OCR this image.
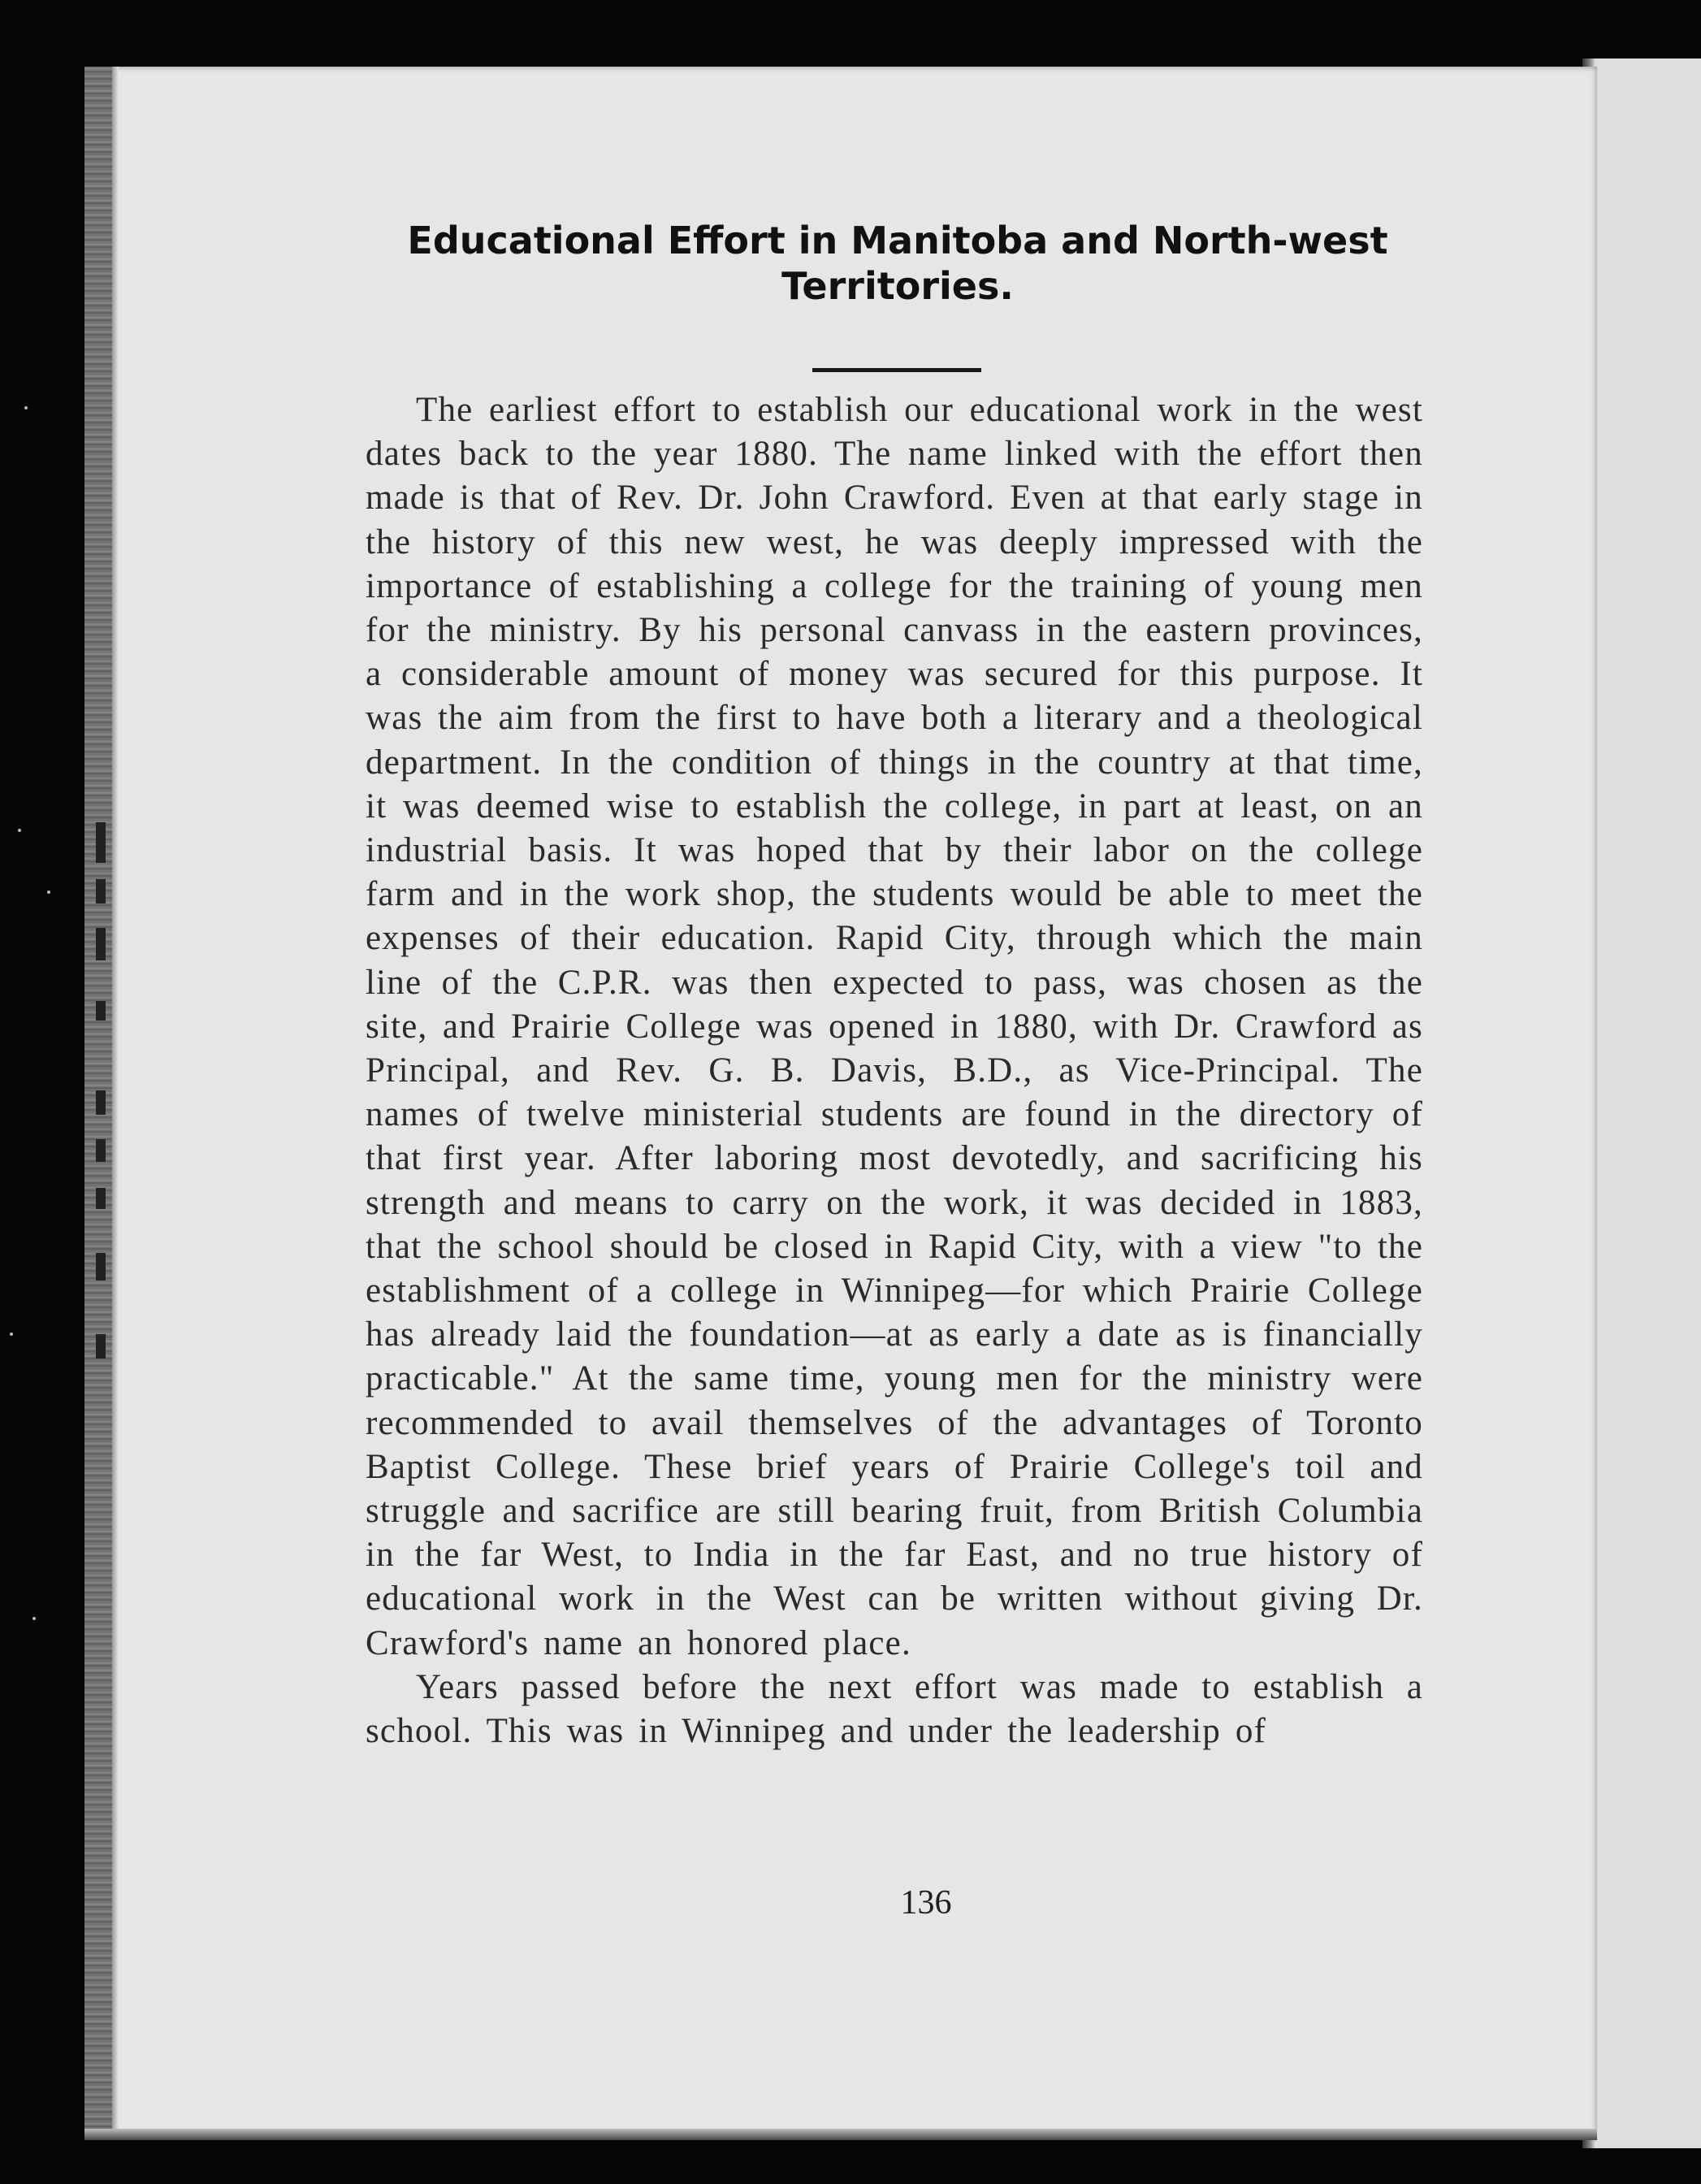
Educational Effort in Manitoba and North-west Territories.

The earliest effort to establish our educational work in the west dates back to the year 1880. The name linked with the effort then made is that of Rev. Dr. John Crawford. Even at that early stage in the history of this new west, he was deeply impressed with the importance of establishing a college for the training of young men for the ministry. By his personal canvass in the eastern provinces, a considerable amount of money was secured for this purpose. It was the aim from the first to have both a literary and a theological department. In the condition of things in the country at that time, it was deemed wise to establish the college, in part at least, on an industrial basis. It was hoped that by their labor on the college farm and in the work shop, the students would be able to meet the expenses of their education. Rapid City, through which the main line of the C.P.R. was then expected to pass, was chosen as the site, and Prairie College was opened in 1880, with Dr. Crawford as Principal, and Rev. G. B. Davis, B.D., as Vice-Principal. The names of twelve ministerial students are found in the directory of that first year. After laboring most devotedly, and sacrificing his strength and means to carry on the work, it was decided in 1883, that the school should be closed in Rapid City, with a view "to the establishment of a college in Winnipeg—for which Prairie College has already laid the foundation—at as early a date as is financially practicable." At the same time, young men for the ministry were recommended to avail themselves of the advantages of Toronto Baptist College. These brief years of Prairie College's toil and struggle and sacrifice are still bearing fruit, from British Columbia in the far West, to India in the far East, and no true history of educational work in the West can be written without giving Dr. Crawford's name an honored place.

Years passed before the next effort was made to establish a school. This was in Winnipeg and under the leadership of

136
